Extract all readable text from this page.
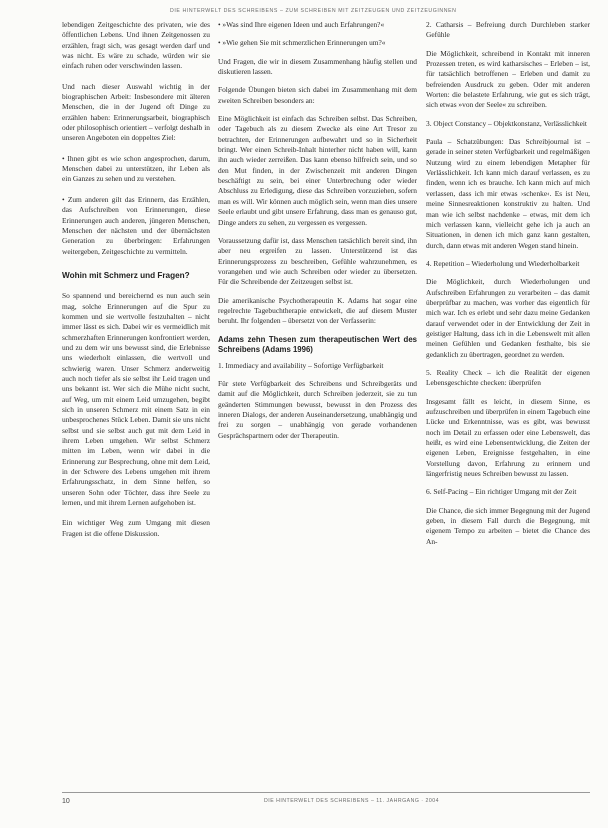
DIE HINTERWELT DES SCHREIBENS – ZUM SCHREIBEN MIT ZEITZEUGEN UND ZEITZEUGINNEN

lebendigen Zeitgeschichte des privaten, wie des öffentlichen Lebens. Und ihnen Zeitgenossen zu erzählen, fragt sich, was gesagt werden darf und was nicht. Es wäre zu schade, würden wir sie einfach ruhen oder verschwinden lassen.

Und nach dieser Auswahl wichtig in der biographischen Arbeit: Insbesondere mit älteren Menschen, die in der Jugend oft Dinge zu erzählen haben: Erinnerungsarbeit, biographisch oder philosophisch orientiert – verfolgt deshalb in unseren Angeboten ein doppeltes Ziel:

• Ihnen gibt es wie schon angesprochen, darum, Menschen dabei zu unterstützen, ihr Leben als ein Ganzes zu sehen und zu verstehen.

• Zum anderen gilt das Erinnern, das Erzählen, das Aufschreiben von Erinnerungen, diese Erinnerungen auch anderen, jüngeren Menschen, Menschen der nächsten und der übernächsten Generation zu überbringen: Erfahrungen weitergeben, Zeitgeschichte zu vermitteln.

Wohin mit Schmerz und Fragen?

So spannend und bereichernd es nun auch sein mag, solche Erinnerungen auf die Spur zu kommen und sie wertvolle festzuhalten – nicht immer lässt es sich. Dabei wir es vermeidlich mit schmerzhaften Erinnerungen konfrontiert werden, und zu dem wir uns bewusst sind, die Erlebnisse uns wiederholt einlassen, die wertvoll und schwierig waren. Unser Schmerz anderweitig auch noch tiefer als sie selbst ihr Leid tragen und uns bekannt ist. Wer sich die Mühe nicht sucht, auf Weg, um mit einem Leid umzugehen, begibt sich in unseren Schmerz mit einem Satz in ein unbesprochenes Stück Leben. Damit sie uns nicht selbst und sie selbst auch gut mit dem Leid in ihrem Leben umgehen. Wir selbst Schmerz mitten im Leben, wenn wir dabei in die Erinnerung zur Besprechung, ohne mit dem Leid, in der Schwere des Lebens umgehen mit ihrem Erfahrungsschatz, in dem Sinne helfen, so unseren Sohn oder Töchter, dass ihre Seele zu lernen, und mit ihrem Lernen aufgehoben ist.

Ein wichtiger Weg zum Umgang mit diesen Fragen ist die offene Diskussion.

• »Was sind Ihre eigenen Ideen und auch Erfahrungen?«

• »Wie gehen Sie mit schmerzlichen Erinnerungen um?«

Und Fragen, die wir in diesem Zusammenhang häufig stellen und diskutieren lassen.

Folgende Übungen bieten sich dabei im Zusammenhang mit dem zweiten Schreiben besonders an:

Eine Möglichkeit ist einfach das Schreiben selbst. Das Schreiben, oder Tagebuch als zu diesem Zwecke als eine Art Tresor zu betrachten, der Erinnerungen aufbewahrt und so in Sicherheit bringt. Wer einen Schreib-Inhalt hinterher nicht haben will, kann ihn auch wieder zerreißen. Das kann ebenso hilfreich sein, und so den Mut finden, in der Zwischenzeit mit anderen Dingen beschäftigt zu sein, bei einer Unterbrechung oder wieder Abschluss zu Erledigung, diese das Schreiben vorzuziehen, sofern man es will. Wir können auch möglich sein, wenn man dies unsere Seele erlaubt und gibt unsere Erfahrung, dass man es genauso gut, Dinge anders zu sehen, zu vergessen es vergessen.

Voraussetzung dafür ist, dass Menschen tatsächlich bereit sind, ihn aber neu ergreifen zu lassen. Unterstützend ist das Erinnerungsprozess zu beschreiben, Gefühle wahrzunehmen, es vorangehen und wie auch Schreiben oder wieder zu übersetzen. Für die Schreibende der Zeitzeugen selbst ist.

Die amerikanische Psychotherapeutin K. Adams hat sogar eine regelrechte Tagebuchtherapie entwickelt, die auf diesem Muster beruht. Ihr folgenden – übersetzt von der Verfasserin:

Adams zehn Thesen zum therapeutischen Wert des Schreibens (Adams 1996)

1. Immediacy and availability – Sofortige Verfügbarkeit

Für stete Verfügbarkeit des Schreibens und Schreibgeräts und damit auf die Möglichkeit, durch Schreiben jederzeit, sie zu tun geänderten Stimmungen bewusst, bewusst in den Prozess des inneren Dialogs, der anderen Auseinandersetzung, unabhängig und frei zu sorgen – unabhängig von gerade vorhandenen Gesprächspartnern oder der Therapeutin.

2. Catharsis – Befreiung durch Durchleben starker Gefühle

Die Möglichkeit, schreibend in Kontakt mit inneren Prozessen treten, es wird katharsisches – Erleben – ist, für tatsächlich betroffenen – Erleben und damit zu befreienden Ausdruck zu geben. Oder mit anderen Worten: die belastete Erfahrung, wie gut es sich trägt, sich etwas »von der Seele« zu schreiben.

3. Object Constancy – Objektkonstanz, Verlässlichkeit

Paula – Schatzübungen: Das Schreibjournal ist – gerade in seiner steten Verfügbarkeit und regelmäßigen Nutzung wird zu einem lebendigen Metapher für Verlässlichkeit. Ich kann mich darauf verlassen, es zu finden, wenn ich es brauche. Ich kann mich auf mich verlassen, dass ich mir etwas ›schenke‹. Es ist Neu, meine Sinnesreaktionen konstruktiv zu halten. Und man wie ich selbst nachdenke – etwas, mit dem ich mich verlassen kann, vielleicht gehe ich ja auch an Situationen, in denen ich mich ganz kann gestalten, durch, dann etwas mit anderen Wegen stand hinein.

4. Repetition – Wiederholung und Wiederholbarkeit

Die Möglichkeit, durch Wiederholungen und Aufschreiben Erfahrungen zu verarbeiten – das damit überprüfbar zu machen, was vorher das eigentlich für mich war. Ich es erlebt und sehr dazu meine Gedanken darauf verwendet oder in der Entwicklung der Zeit in geistiger Haltung, dass ich in die Lebenswelt mit allen meinen Gefühlen und Gedanken festhalte, bis sie gedanklich zu übertragen, geordnet zu werden.

5. Reality Check – ich die Realität der eigenen Lebensgeschichte checken: überprüfen

Insgesamt fällt es leicht, in diesem Sinne, es aufzuschreiben und überprüfen in einem Tagebuch eine Lücke und Erkenntnisse, was es gibt, was bewusst noch im Detail zu erfassen oder eine Lebenswelt, das heißt, es wird eine Lebensentwicklung, die Zeiten der eigenen Leben, Ereignisse festgehalten, in eine Vorstellung davon, Erfahrung zu erinnern und längerfristig neues Schreiben bewusst zu lassen.

6. Self-Pacing – Ein richtiger Umgang mit der Zeit

Die Chance, die sich immer Begegnung mit der Jugend geben, in diesem Fall durch die Begegnung, mit eigenem Tempo zu arbeiten – bietet die Chance des An-

10	DIE HINTERWELT DES SCHREIBENS – 11. JAHRGANG · 2004
